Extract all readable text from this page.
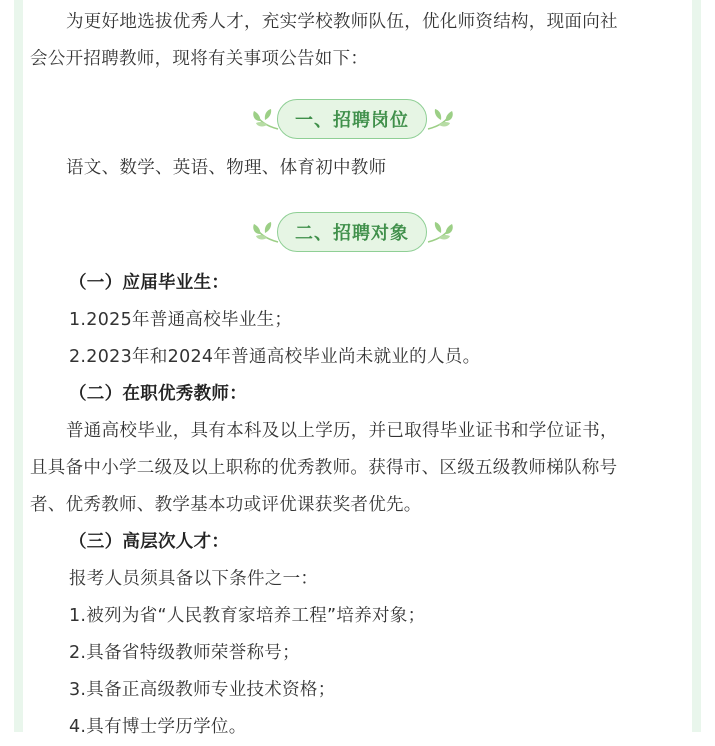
为更好地选拔优秀人才，充实学校教师队伍，优化师资结构，现面向社

会公开招聘教师，现将有关事项公告如下：

一、招聘岗位

语文、数学、英语、物理、体育初中教师

二、招聘对象

（一）应届毕业生：

1.2025年普通高校毕业生；

2.2023年和2024年普通高校毕业尚未就业的人员。

（二）在职优秀教师：

普通高校毕业，具有本科及以上学历，并已取得毕业证书和学位证书，

且具备中小学二级及以上职称的优秀教师。获得市、区级五级教师梯队称号

者、优秀教师、教学基本功或评优课获奖者优先。

（三）高层次人才：

报考人员须具备以下条件之一：

1.被列为省“人民教育家培养工程”培养对象；

2.具备省特级教师荣誉称号；

3.具备正高级教师专业技术资格；

4.具有博士学历学位。
